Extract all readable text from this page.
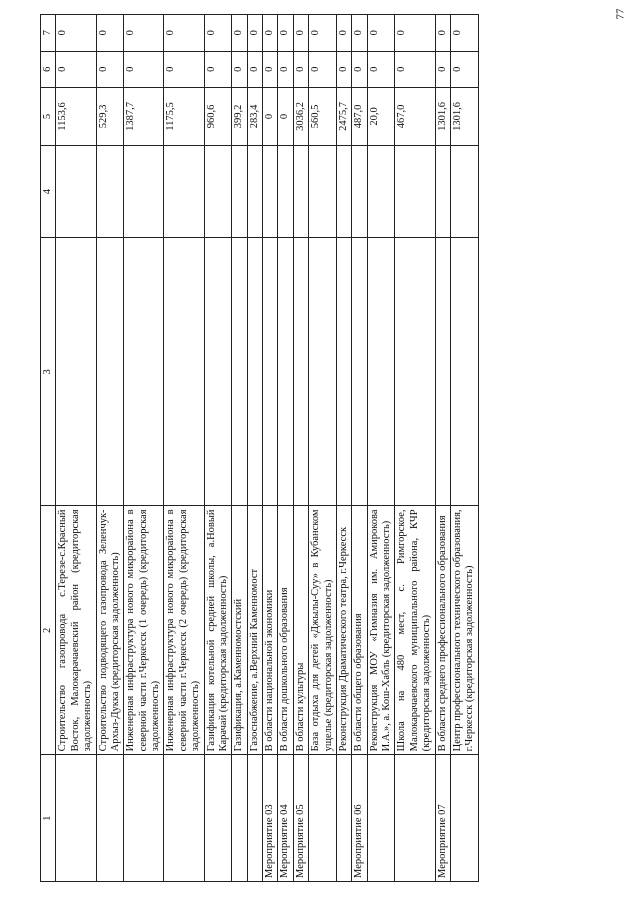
77
1	2	3	4	5	6	7
	Строительство газопровода с.Терезе-с.Красный Восток, Малокарачаевский район (кредиторская задолженность)			1153,6	0	0
	Строительство подводящего газопровода Зеленчук-Архыз-Дукка (кредиторская задолженность)			529,3	0	0
	Инженерная инфраструктура нового микрорайона в северной части г.Черкесск (1 очередь) (кредиторская задолженность)			1387,7	0	0
	Инженерная инфраструктура нового микрорайона в северной части г.Черкесск (2 очередь) (кредиторская задолженность)			1175,5	0	0
	Газификация котельной средней школы, а.Новый Карачай (кредиторская задолженность)			960,6	0	0
	Газификация, а.Каменномостский			399,2	0	0
	Газоснабжение, а.Верхний Каменномост			283,4	0	0
Мероприятие 03	В области национальной экономики			0	0	0
Мероприятие 04	В области дошкольного образования			0	0	0
Мероприятие 05	В области культуры			3036,2	0	0
	База отдыха для детей «Джылы-Суу» в Кубанском ущелье (кредиторская задолженность)			560,5	0	0
	Реконструкция Драматического театра, г.Черкесск			2475,7	0	0
Мероприятие 06	В области общего образования			487,0	0	0
	Реконструкция МОУ «Гимназия им. Амирокова И.А.», а. Кош-Хабль (кредиторская задолженность)			20,0	0	0
	Школа на 480 мест, с. Римгорское, Малокарачаевского муниципального района, КЧР (кредиторская задолженность)			467,0	0	0
Мероприятие 07	В области среднего профессионального образования			1301,6	0	0
	Центр профессионального технического образования, г.Черкесск (кредиторская задолженность)			1301,6	0	0
